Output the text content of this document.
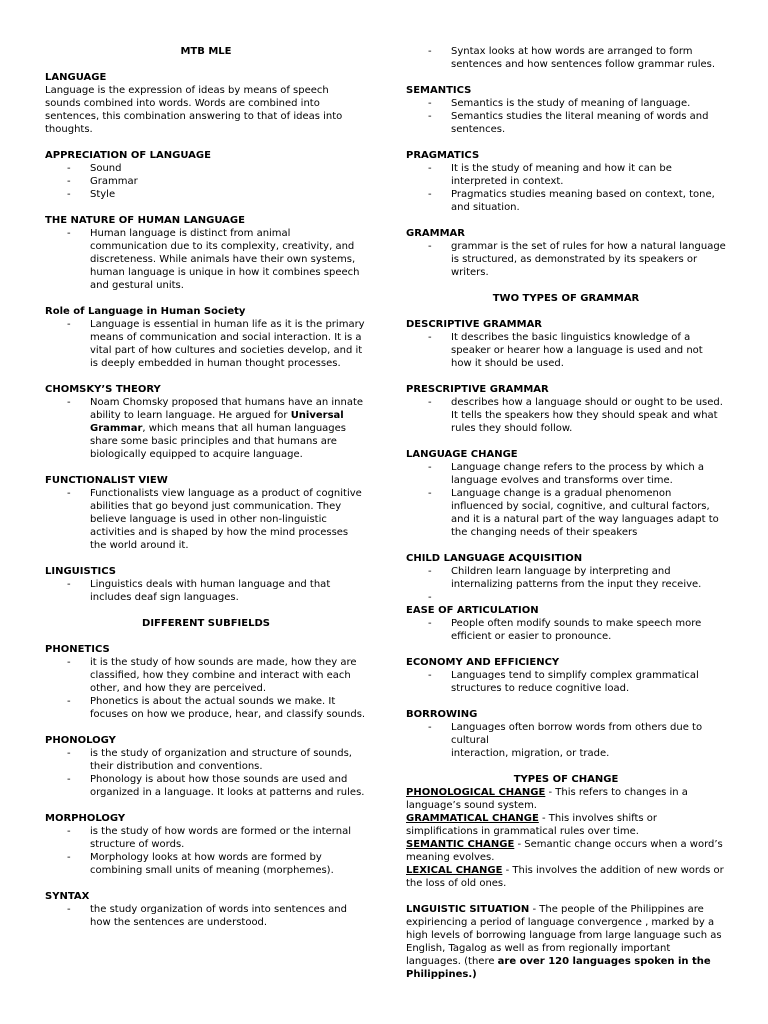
MTB MLE
LANGUAGE
Language is the expression of ideas by means of speech sounds combined into words. Words are combined into sentences, this combination answering to that of ideas into thoughts.
APPRECIATION OF LANGUAGE
- Sound
- Grammar
- Style
THE NATURE OF HUMAN LANGUAGE
- Human language is distinct from animal communication due to its complexity, creativity, and discreteness. While animals have their own systems, human language is unique in how it combines speech and gestural units.
Role of Language in Human Society
- Language is essential in human life as it is the primary means of communication and social interaction. It is a vital part of how cultures and societies develop, and it is deeply embedded in human thought processes.
CHOMSKY’S THEORY
- Noam Chomsky proposed that humans have an innate ability to learn language. He argued for Universal Grammar, which means that all human languages share some basic principles and that humans are biologically equipped to acquire language.
FUNCTIONALIST VIEW
- Functionalists view language as a product of cognitive abilities that go beyond just communication. They believe language is used in other non-linguistic activities and is shaped by how the mind processes the world around it.
LINGUISTICS
- Linguistics deals with human language and that includes deaf sign languages.
DIFFERENT SUBFIELDS
PHONETICS
- it is the study of how sounds are made, how they are classified, how they combine and interact with each other, and how they are perceived.
- Phonetics is about the actual sounds we make. It focuses on how we produce, hear, and classify sounds.
PHONOLOGY
- is the study of organization and structure of sounds, their distribution and conventions.
- Phonology is about how those sounds are used and organized in a language. It looks at patterns and rules.
MORPHOLOGY
- is the study of how words are formed or the internal structure of words.
- Morphology looks at how words are formed by combining small units of meaning (morphemes).
SYNTAX
- the study organization of words into sentences and how the sentences are understood.
- Syntax looks at how words are arranged to form sentences and how sentences follow grammar rules.
SEMANTICS
- Semantics is the study of meaning of language.
- Semantics studies the literal meaning of words and sentences.
PRAGMATICS
- It is the study of meaning and how it can be interpreted in context.
- Pragmatics studies meaning based on context, tone, and situation.
GRAMMAR
- grammar is the set of rules for how a natural language is structured, as demonstrated by its speakers or writers.
TWO TYPES OF GRAMMAR
DESCRIPTIVE GRAMMAR
- It describes the basic linguistics knowledge of a speaker or hearer how a language is used and not how it should be used.
PRESCRIPTIVE GRAMMAR
- describes how a language should or ought to be used. It tells the speakers how they should speak and what rules they should follow.
LANGUAGE CHANGE
- Language change refers to the process by which a language evolves and transforms over time.
- Language change is a gradual phenomenon influenced by social, cognitive, and cultural factors, and it is a natural part of the way languages adapt to the changing needs of their speakers
CHILD LANGUAGE ACQUISITION
- Children learn language by interpreting and internalizing patterns from the input they receive.
-
EASE OF ARTICULATION
- People often modify sounds to make speech more efficient or easier to pronounce.
ECONOMY AND EFFICIENCY
- Languages tend to simplify complex grammatical structures to reduce cognitive load.
BORROWING
- Languages often borrow words from others due to cultural
interaction, migration, or trade.
TYPES OF CHANGE
PHONOLOGICAL CHANGE - This refers to changes in a language’s sound system.
GRAMMATICAL CHANGE - This involves shifts or simplifications in grammatical rules over time.
SEMANTIC CHANGE - Semantic change occurs when a word’s meaning evolves.
LEXICAL CHANGE - This involves the addition of new words or the loss of old ones.
LNGUISTIC SITUATION - The people of the Philippines are expiriencing a period of language convergence , marked by a high levels of borrowing language from large language such as English, Tagalog as well as from regionally important languages. (there are over 120 languages spoken in the Philippines.)
